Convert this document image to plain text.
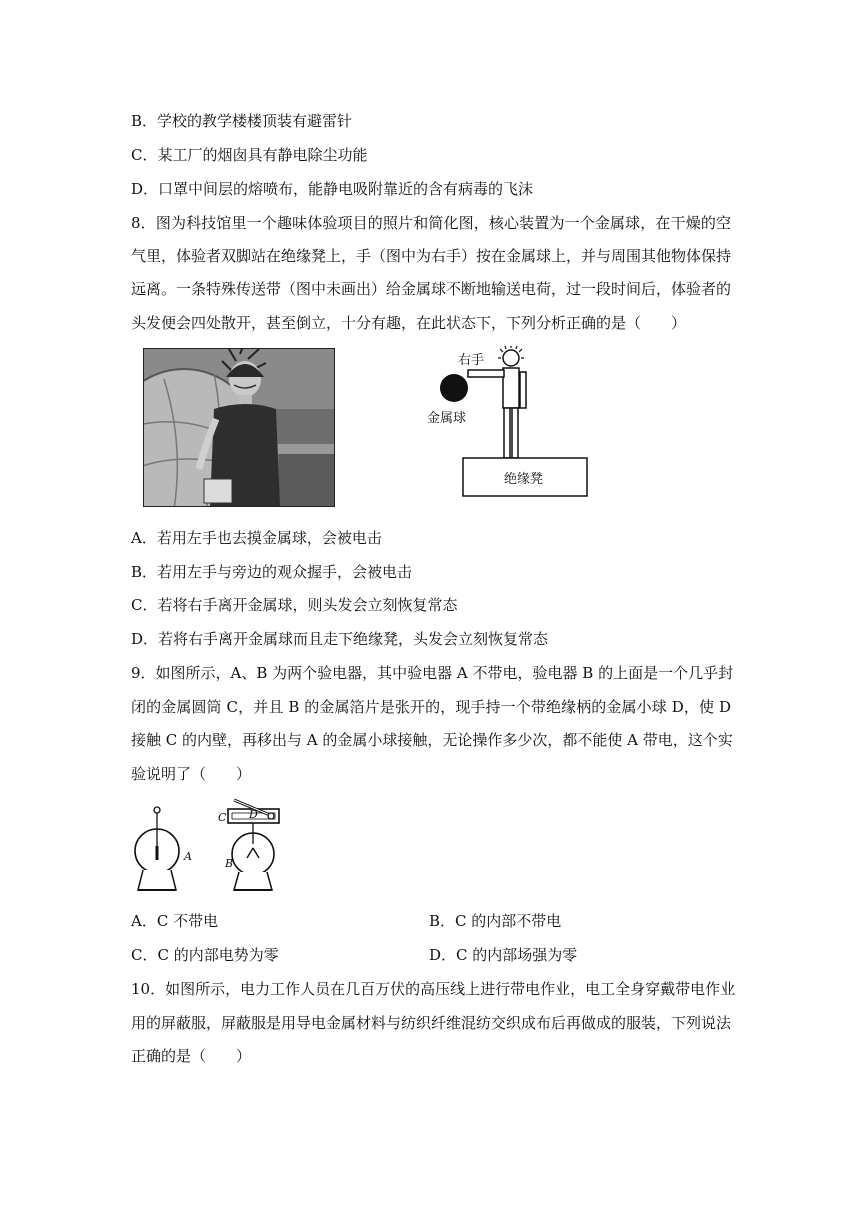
B．学校的教学楼楼顶装有避雷针
C．某工厂的烟囱具有静电除尘功能
D．口罩中间层的熔喷布，能静电吸附靠近的含有病毒的飞沫
8．图为科技馆里一个趣味体验项目的照片和简化图，核心装置为一个金属球，在干燥的空
气里，体验者双脚站在绝缘凳上，手（图中为右手）按在金属球上，并与周围其他物体保持
远离。一条特殊传送带（图中未画出）给金属球不断地输送电荷，过一段时间后，体验者的
头发便会四处散开，甚至倒立，十分有趣，在此状态下，下列分析正确的是（　　）
右手
金属球
绝缘凳
A．若用左手也去摸金属球，会被电击
B．若用左手与旁边的观众握手，会被电击
C．若将右手离开金属球，则头发会立刻恢复常态
D．若将右手离开金属球而且走下绝缘凳，头发会立刻恢复常态
9．如图所示，A、B 为两个验电器，其中验电器 A 不带电，验电器 B 的上面是一个几乎封
闭的金属圆筒 C，并且 B 的金属箔片是张开的，现手持一个带绝缘柄的金属小球 D，使 D
接触 C 的内壁，再移出与 A 的金属小球接触，无论操作多少次，都不能使 A 带电，这个实
验说明了（　　）
A
C D
B
A．C 不带电	B．C 的内部不带电
C．C 的内部电势为零	D．C 的内部场强为零
10．如图所示，电力工作人员在几百万伏的高压线上进行带电作业，电工全身穿戴带电作业
用的屏蔽服，屏蔽服是用导电金属材料与纺织纤维混纺交织成布后再做成的服装，下列说法
正确的是（　　）
